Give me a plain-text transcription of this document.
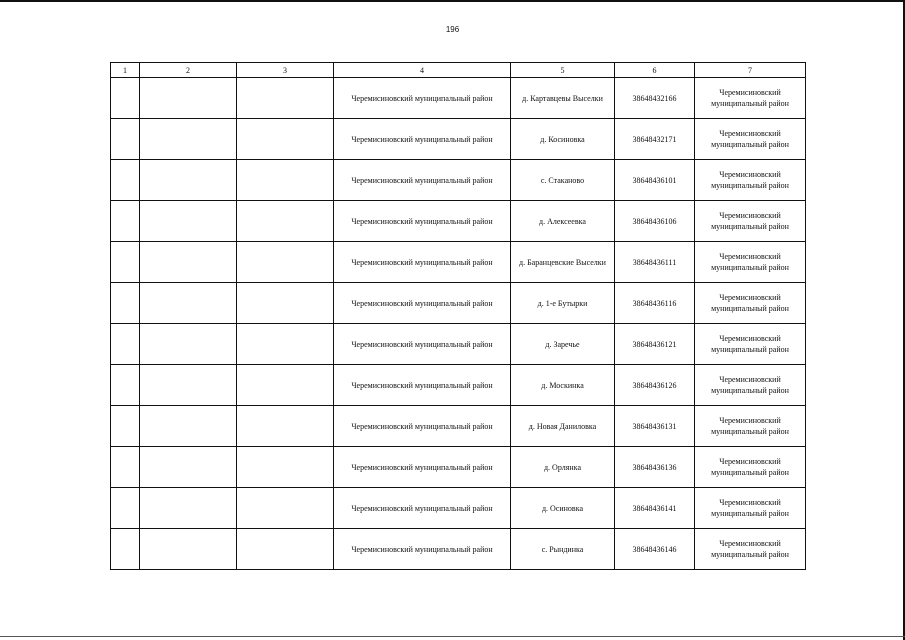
196
1	2	3	4	5	6	7
			Черемисиновский муниципальный район	д. Картавцевы Выселки	38648432166	Черемисиновский муниципальный район
			Черемисиновский муниципальный район	д. Косиновка	38648432171	Черемисиновский муниципальный район
			Черемисиновский муниципальный район	с. Стаканово	38648436101	Черемисиновский муниципальный район
			Черемисиновский муниципальный район	д. Алексеевка	38648436106	Черемисиновский муниципальный район
			Черемисиновский муниципальный район	д. Баранцевские Выселки	38648436111	Черемисиновский муниципальный район
			Черемисиновский муниципальный район	д. 1-е Бутырки	38648436116	Черемисиновский муниципальный район
			Черемисиновский муниципальный район	д. Заречье	38648436121	Черемисиновский муниципальный район
			Черемисиновский муниципальный район	д. Москинка	38648436126	Черемисиновский муниципальный район
			Черемисиновский муниципальный район	д. Новая Даниловка	38648436131	Черемисиновский муниципальный район
			Черемисиновский муниципальный район	д. Орлянка	38648436136	Черемисиновский муниципальный район
			Черемисиновский муниципальный район	д. Осиновка	38648436141	Черемисиновский муниципальный район
			Черемисиновский муниципальный район	с. Рындинка	38648436146	Черемисиновский муниципальный район
